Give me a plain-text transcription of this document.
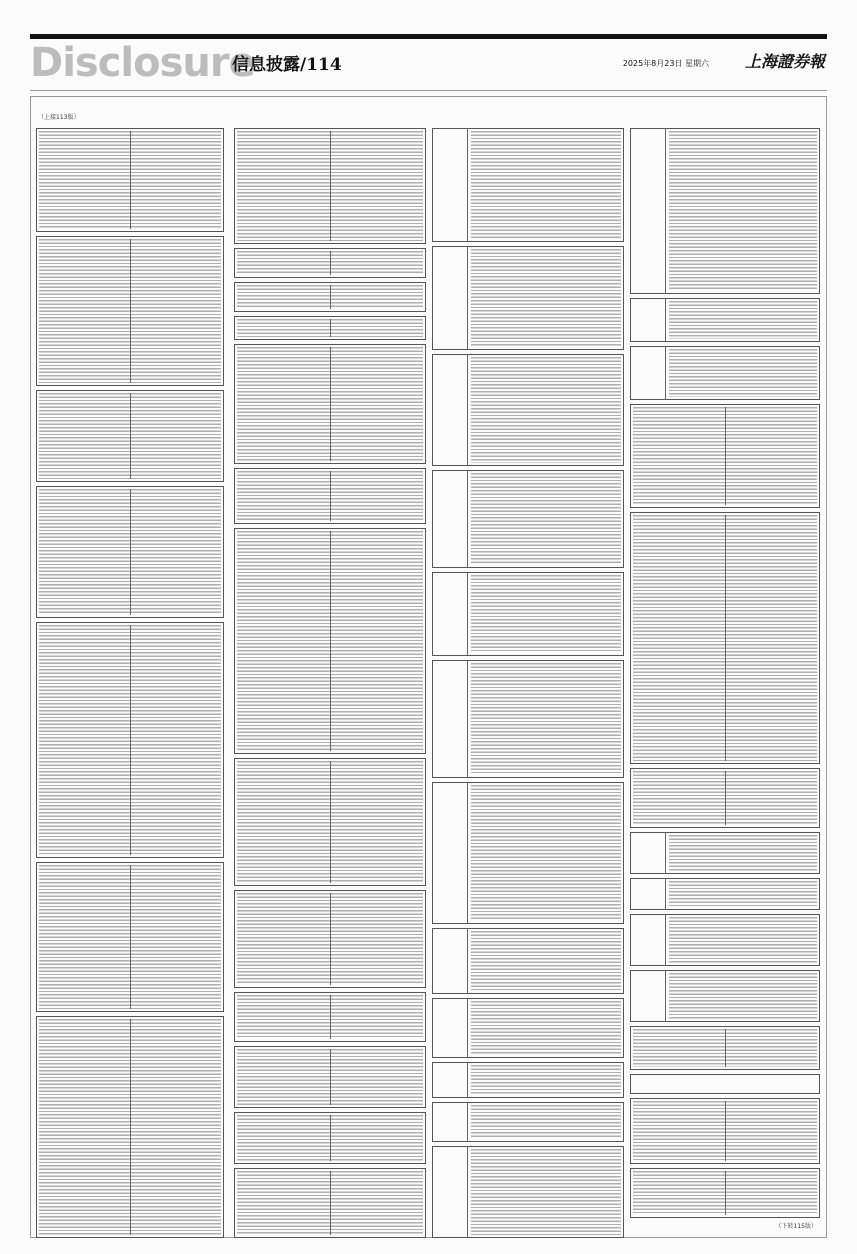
Disclosure
信息披露/114	2025年8月23日 星期六 上海證券報
（上接113版）
（下转115版）
